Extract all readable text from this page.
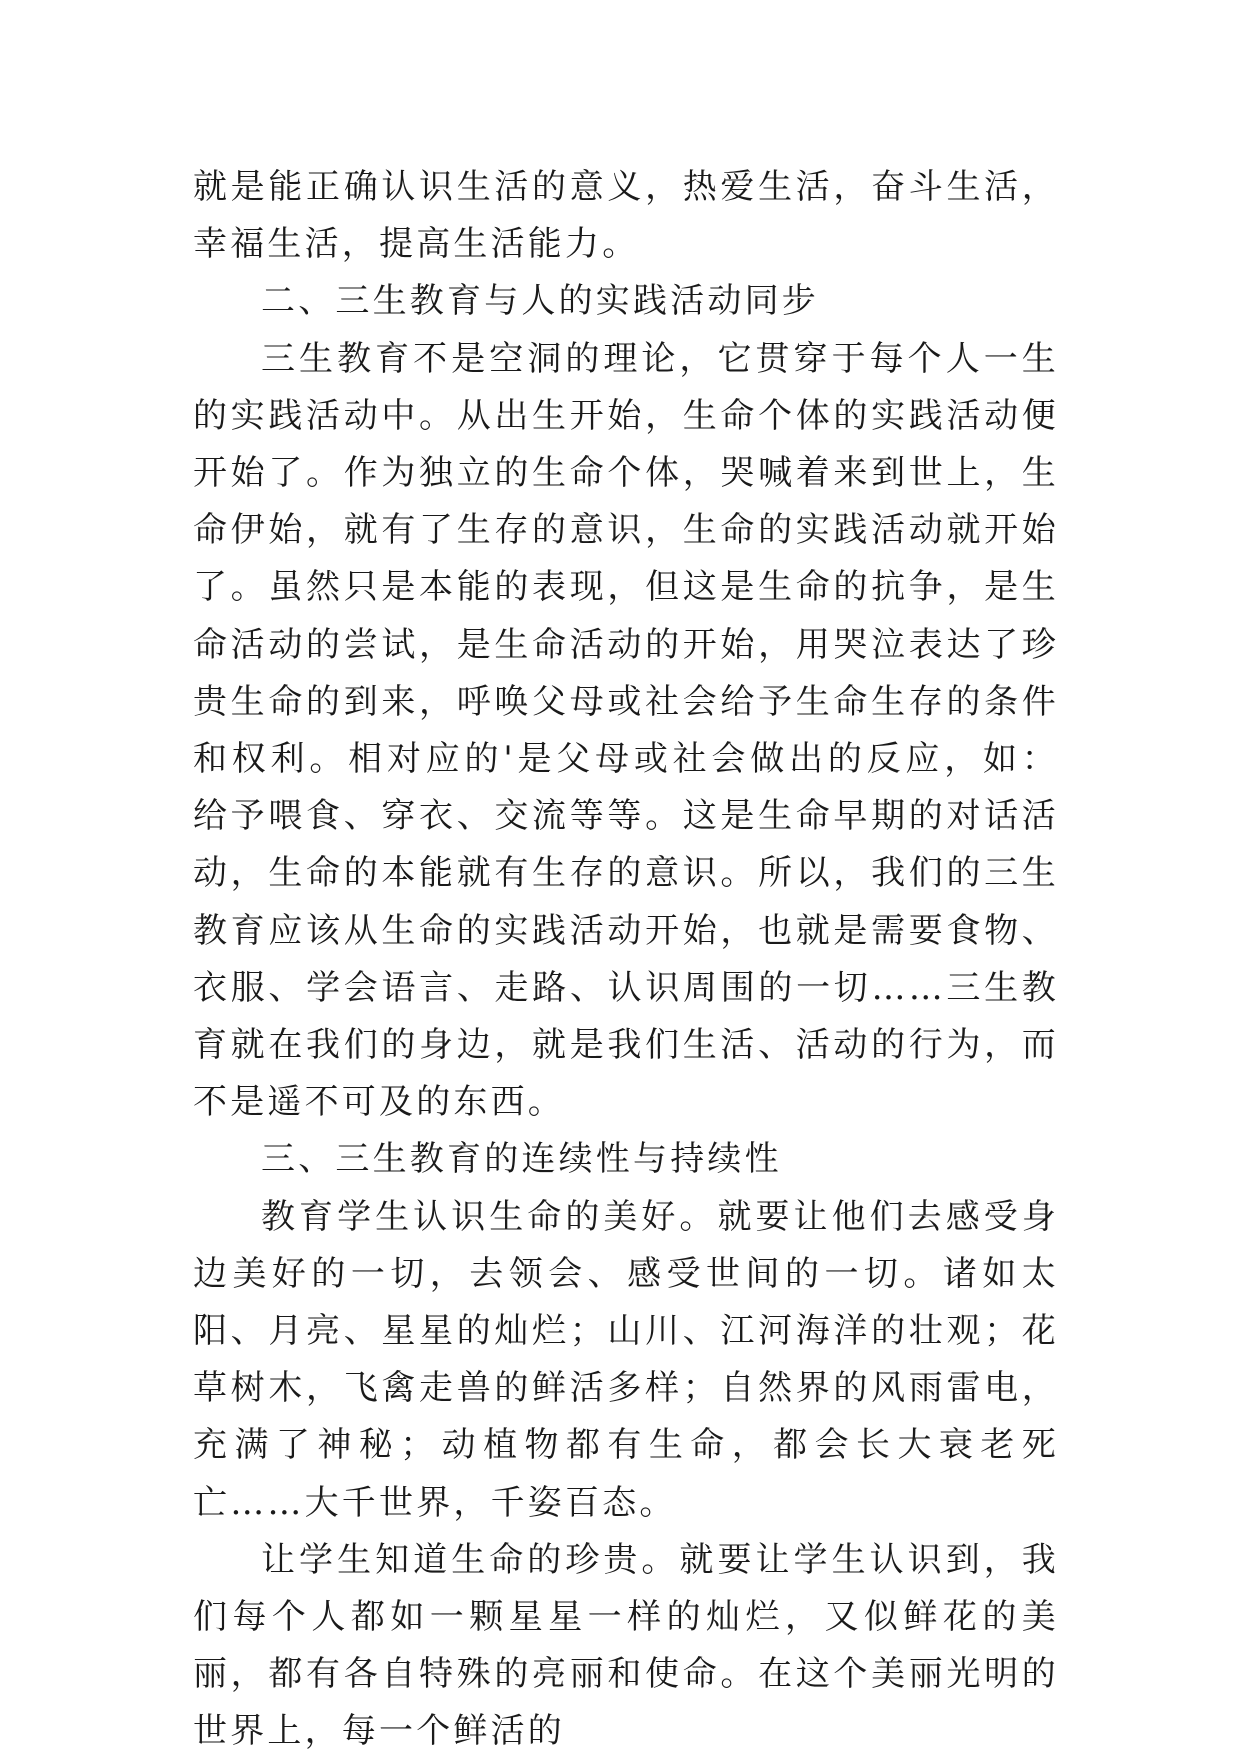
就是能正确认识生活的意义，热爱生活，奋斗生活，幸福生活，提高生活能力。

二、三生教育与人的实践活动同步

三生教育不是空洞的理论，它贯穿于每个人一生的实践活动中。从出生开始，生命个体的实践活动便开始了。作为独立的生命个体，哭喊着来到世上，生命伊始，就有了生存的意识，生命的实践活动就开始了。虽然只是本能的表现，但这是生命的抗争，是生命活动的尝试，是生命活动的开始，用哭泣表达了珍贵生命的到来，呼唤父母或社会给予生命生存的条件和权利。相对应的'是父母或社会做出的反应，如：给予喂食、穿衣、交流等等。这是生命早期的对话活动，生命的本能就有生存的意识。所以，我们的三生教育应该从生命的实践活动开始，也就是需要食物、衣服、学会语言、走路、认识周围的一切……三生教育就在我们的身边，就是我们生活、活动的行为，而不是遥不可及的东西。

三、三生教育的连续性与持续性

教育学生认识生命的美好。就要让他们去感受身边美好的一切，去领会、感受世间的一切。诸如太阳、月亮、星星的灿烂；山川、江河海洋的壮观；花草树木，飞禽走兽的鲜活多样；自然界的风雨雷电，充满了神秘；动植物都有生命，都会长大衰老死亡……大千世界，千姿百态。

让学生知道生命的珍贵。就要让学生认识到，我们每个人都如一颗星星一样的灿烂，又似鲜花的美丽，都有各自特殊的亮丽和使命。在这个美丽光明的世界上，每一个鲜活的
